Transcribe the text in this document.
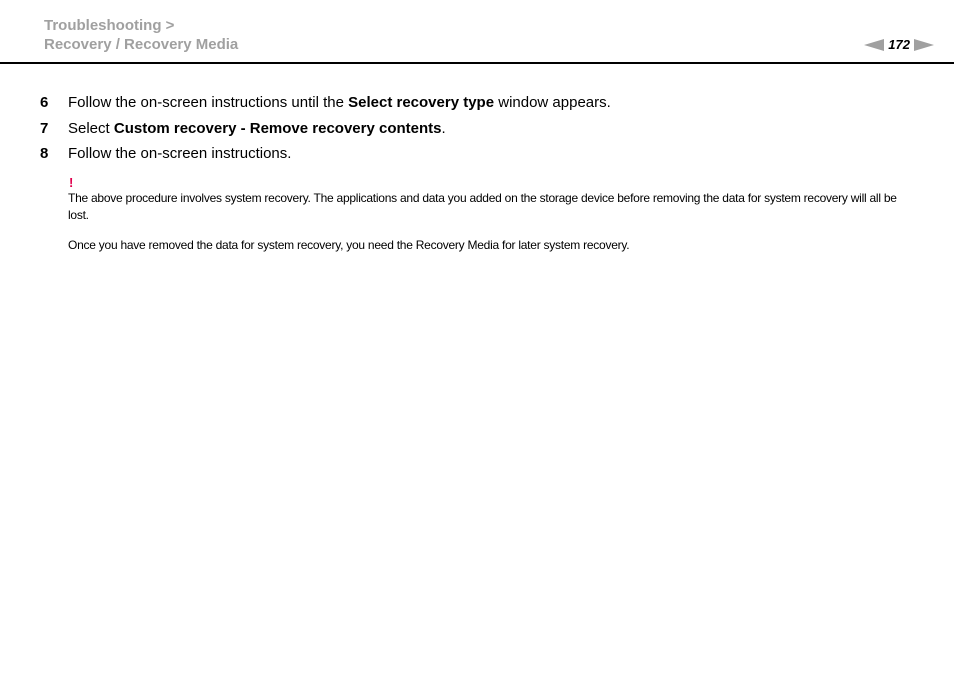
Troubleshooting >
Recovery / Recovery Media	172
6	Follow the on-screen instructions until the Select recovery type window appears.
7	Select Custom recovery - Remove recovery contents.
8	Follow the on-screen instructions.
!

The above procedure involves system recovery. The applications and data you added on the storage device before removing the data for system recovery will all be lost.

Once you have removed the data for system recovery, you need the Recovery Media for later system recovery.
